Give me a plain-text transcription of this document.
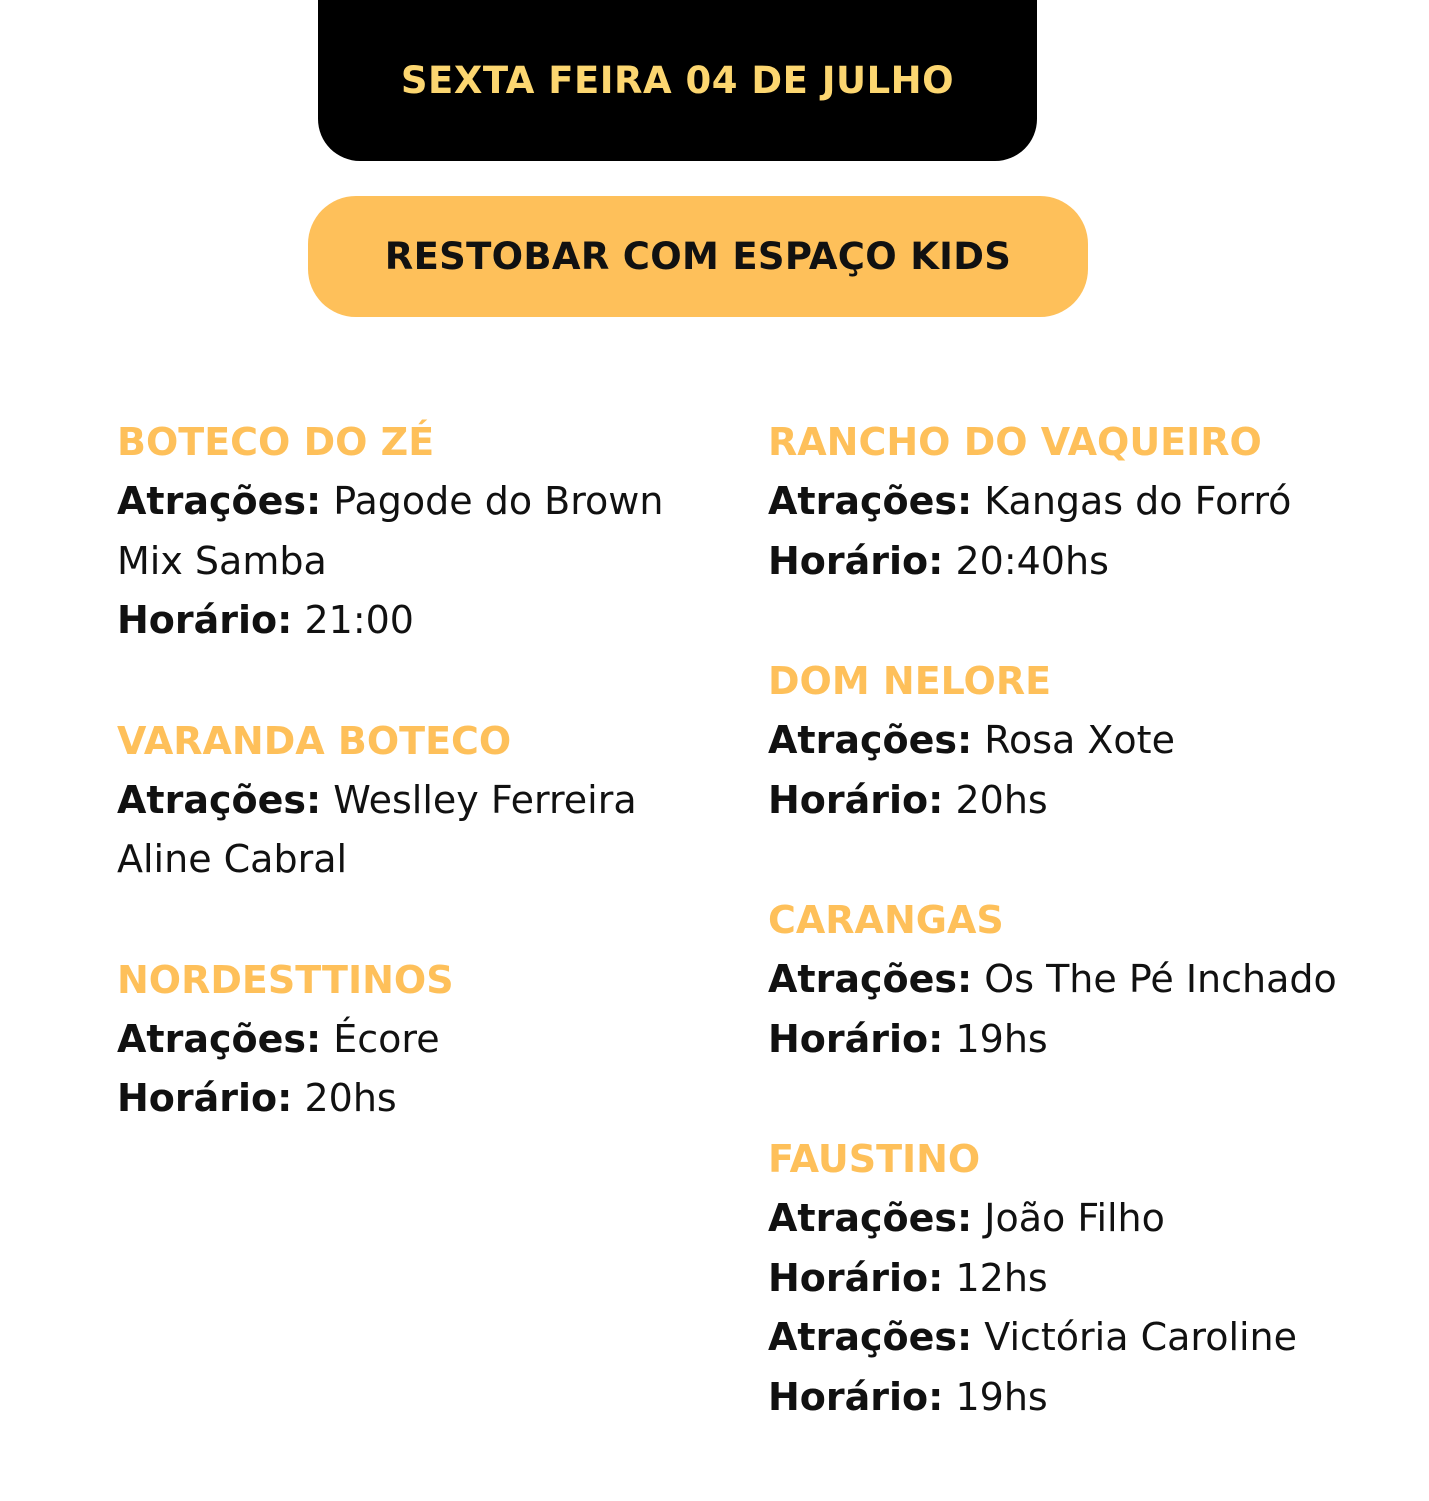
SEXTA FEIRA 04 DE JULHO
RESTOBAR COM ESPAÇO KIDS
BOTECO DO ZÉ
Atrações: Pagode do Brown
Mix Samba
Horário: 21:00
VARANDA BOTECO
Atrações: Weslley Ferreira
Aline Cabral
NORDESTTINOS
Atrações: Écore
Horário: 20hs
RANCHO DO VAQUEIRO
Atrações: Kangas do Forró
Horário: 20:40hs
DOM NELORE
Atrações: Rosa Xote
Horário: 20hs
CARANGAS
Atrações: Os The Pé Inchado
Horário: 19hs
FAUSTINO
Atrações: João Filho
Horário: 12hs
Atrações: Victória Caroline
Horário: 19hs
